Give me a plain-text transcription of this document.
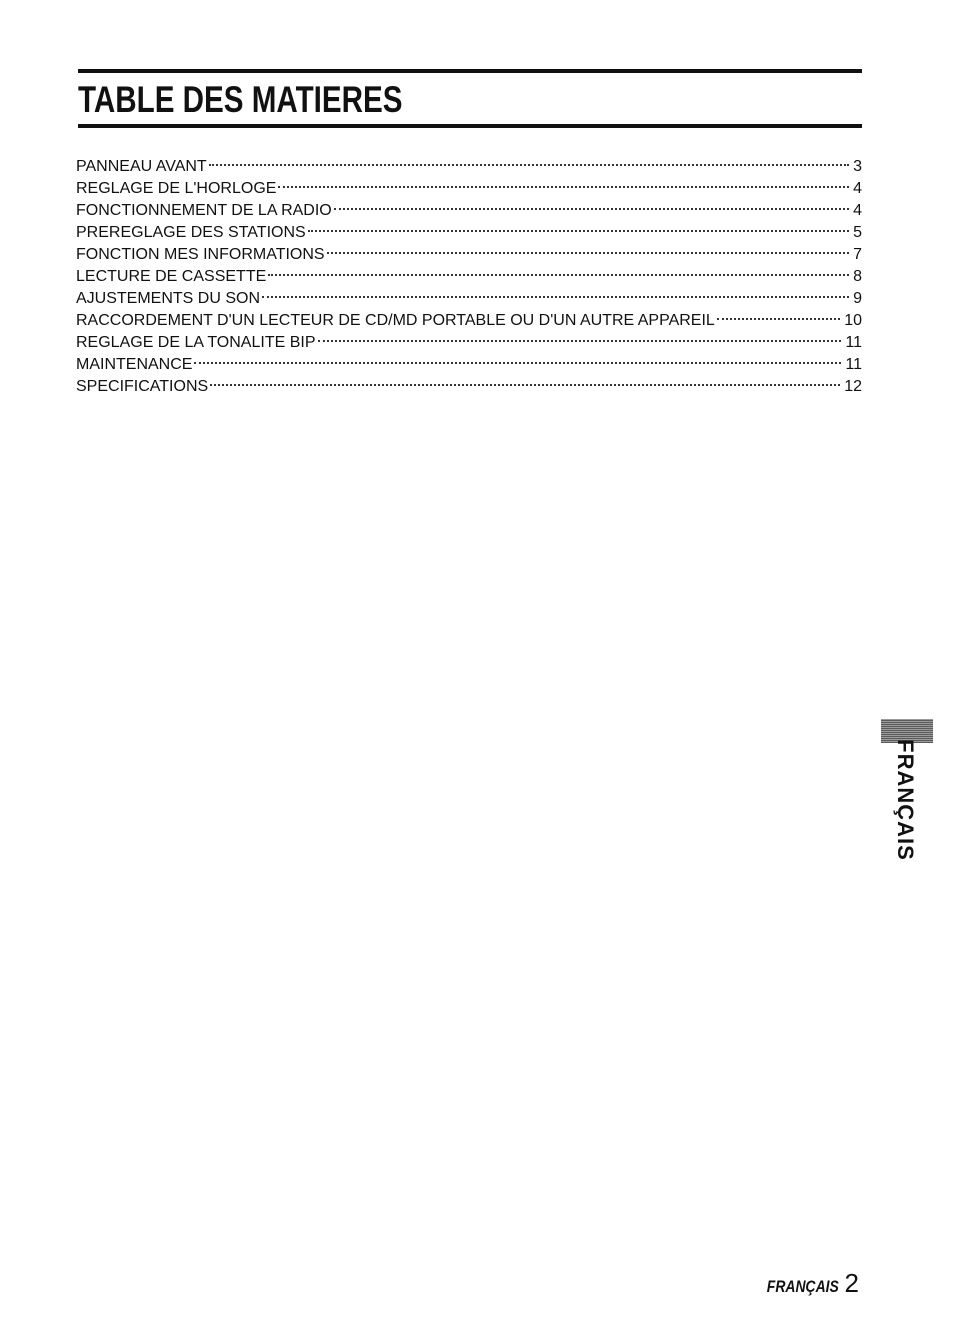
TABLE DES MATIERES
PANNEAU AVANT	3
REGLAGE DE L'HORLOGE	4
FONCTIONNEMENT DE LA RADIO	4
PREREGLAGE DES STATIONS	5
FONCTION MES INFORMATIONS	7
LECTURE DE CASSETTE	8
AJUSTEMENTS DU SON	9
RACCORDEMENT D'UN LECTEUR DE CD/MD PORTABLE OU D'UN AUTRE APPAREIL	10
REGLAGE DE LA TONALITE BIP	11
MAINTENANCE	11
SPECIFICATIONS	12
FRANÇAIS
FRANÇAIS 2
